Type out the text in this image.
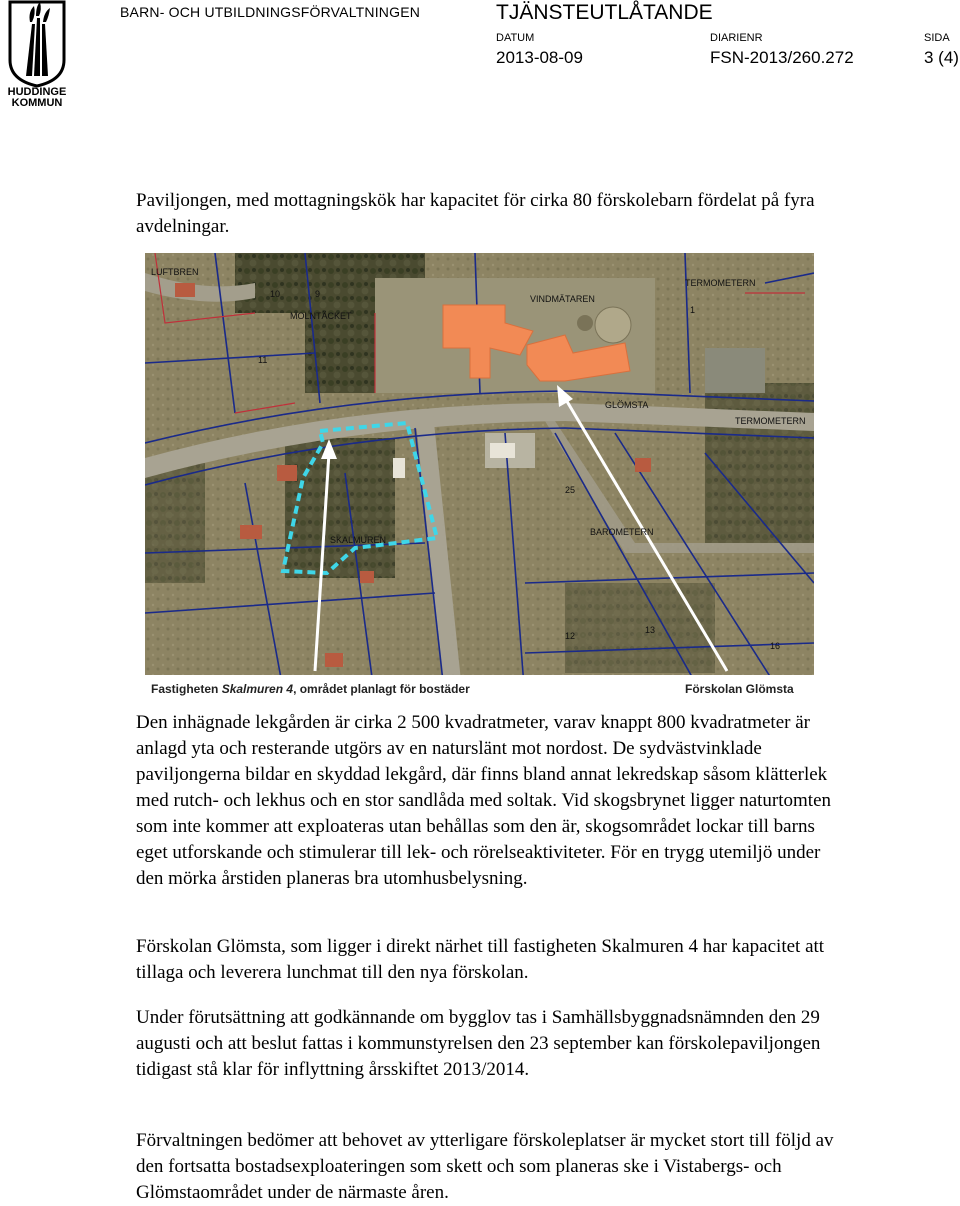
HUDDINGE
KOMMUN
BARN- OCH UTBILDNINGSFÖRVALTNINGEN	TJÄNSTEUTLÅTANDE
DATUM
2013-08-09
DIARIENR
FSN-2013/260.272
SIDA
3 (4)

Paviljongen, med mottagningskök har kapacitet för cirka 80 förskolebarn fördelat på fyra avdelningar.

LUFTBREN
MOLNTÄCKET
VINDMÄTAREN
TERMOMETERN
TERMOMETERN
GLÖMSTA
BAROMETERN
SKALMUREN
10
11
9
1
25
16
12
13
Fastigheten Skalmuren 4, området planlagt för bostäder	Förskolan Glömsta

Den inhägnade lekgården är cirka 2 500 kvadratmeter, varav knappt 800 kvadratmeter är anlagd yta och resterande utgörs av en naturslänt mot nordost. De sydvästvinklade paviljongerna bildar en skyddad lekgård, där finns bland annat lekredskap såsom klätterlek med rutch- och lekhus och en stor sandlåda med soltak. Vid skogsbrynet ligger naturtomten som inte kommer att exploateras utan behållas som den är, skogsområdet lockar till barns eget utforskande och stimulerar till lek- och rörelseaktiviteter. För en trygg utemiljö under den mörka årstiden planeras bra utomhusbelysning.

Förskolan Glömsta, som ligger i direkt närhet till fastigheten Skalmuren 4 har kapacitet att tillaga och leverera lunchmat till den nya förskolan.

Under förutsättning att godkännande om bygglov tas i Samhällsbyggnadsnämnden den 29 augusti och att beslut fattas i kommunstyrelsen den 23 september kan förskolepaviljongen tidigast stå klar för inflyttning årsskiftet 2013/2014.

Förvaltningen bedömer att behovet av ytterligare förskoleplatser är mycket stort till följd av den fortsatta bostadsexploateringen som skett och som planeras ske i Vistabergs- och Glömstaområdet under de närmaste åren.
